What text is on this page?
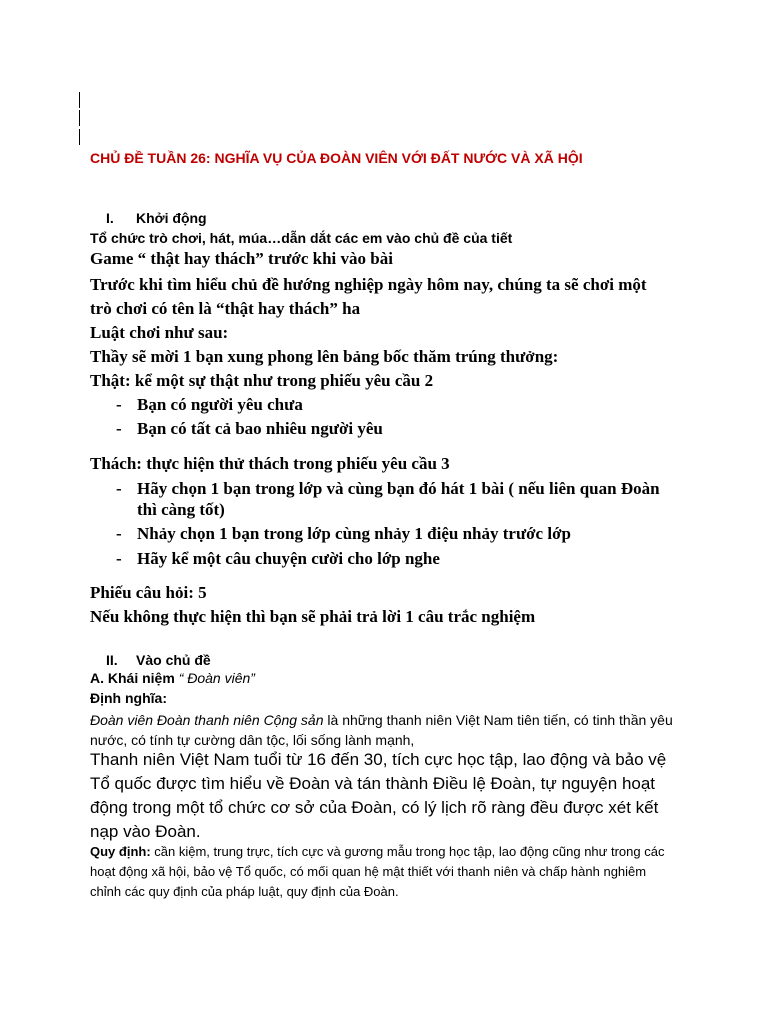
CHỦ ĐỀ TUẦN 26: NGHĨA VỤ CỦA ĐOÀN VIÊN VỚI ĐẤT NƯỚC VÀ XÃ HỘI
I. Khởi động
Tổ chức trò chơi, hát, múa…dẫn dắt các em vào chủ đề của tiết
Game “ thật hay thách” trước khi vào bài
Trước khi tìm hiểu chủ đề hướng nghiệp ngày hôm nay, chúng ta sẽ chơi một
trò chơi có tên là “thật hay thách” ha
Luật chơi như sau:
Thầy sẽ mời 1 bạn xung phong lên bảng bốc thăm trúng thưởng:
Thật: kể một sự thật như trong phiếu yêu cầu 2
- Bạn có người yêu chưa
- Bạn có tất cả bao nhiêu người yêu
Thách: thực hiện thử thách trong phiếu yêu cầu 3
- Hãy chọn 1 bạn trong lớp và cùng bạn đó hát 1 bài ( nếu liên quan Đoàn
thì càng tốt)
- Nhảy chọn 1 bạn trong lớp cùng nhảy 1 điệu nhảy trước lớp
- Hãy kể một câu chuyện cười cho lớp nghe
Phiếu câu hỏi: 5
Nếu không thực hiện thì bạn sẽ phải trả lời 1 câu trắc nghiệm
II. Vào chủ đề
A. Khái niệm “ Đoàn viên”
Định nghĩa:
Đoàn viên Đoàn thanh niên Cộng sản là những thanh niên Việt Nam tiên tiến, có tinh thần yêu nước, có tính tự cường dân tộc, lối sống lành mạnh,
Thanh niên Việt Nam tuổi từ 16 đến 30, tích cực học tập, lao động và bảo vệ Tổ quốc được tìm hiểu về Đoàn và tán thành Điều lệ Đoàn, tự nguyện hoạt động trong một tổ chức cơ sở của Đoàn, có lý lịch rõ ràng đều được xét kết nạp vào Đoàn.
Quy định: cần kiệm, trung trực, tích cực và gương mẫu trong học tập, lao động cũng như trong các hoạt động xã hội, bảo vệ Tổ quốc, có mối quan hệ mật thiết với thanh niên và chấp hành nghiêm chỉnh các quy định của pháp luật, quy định của Đoàn.
